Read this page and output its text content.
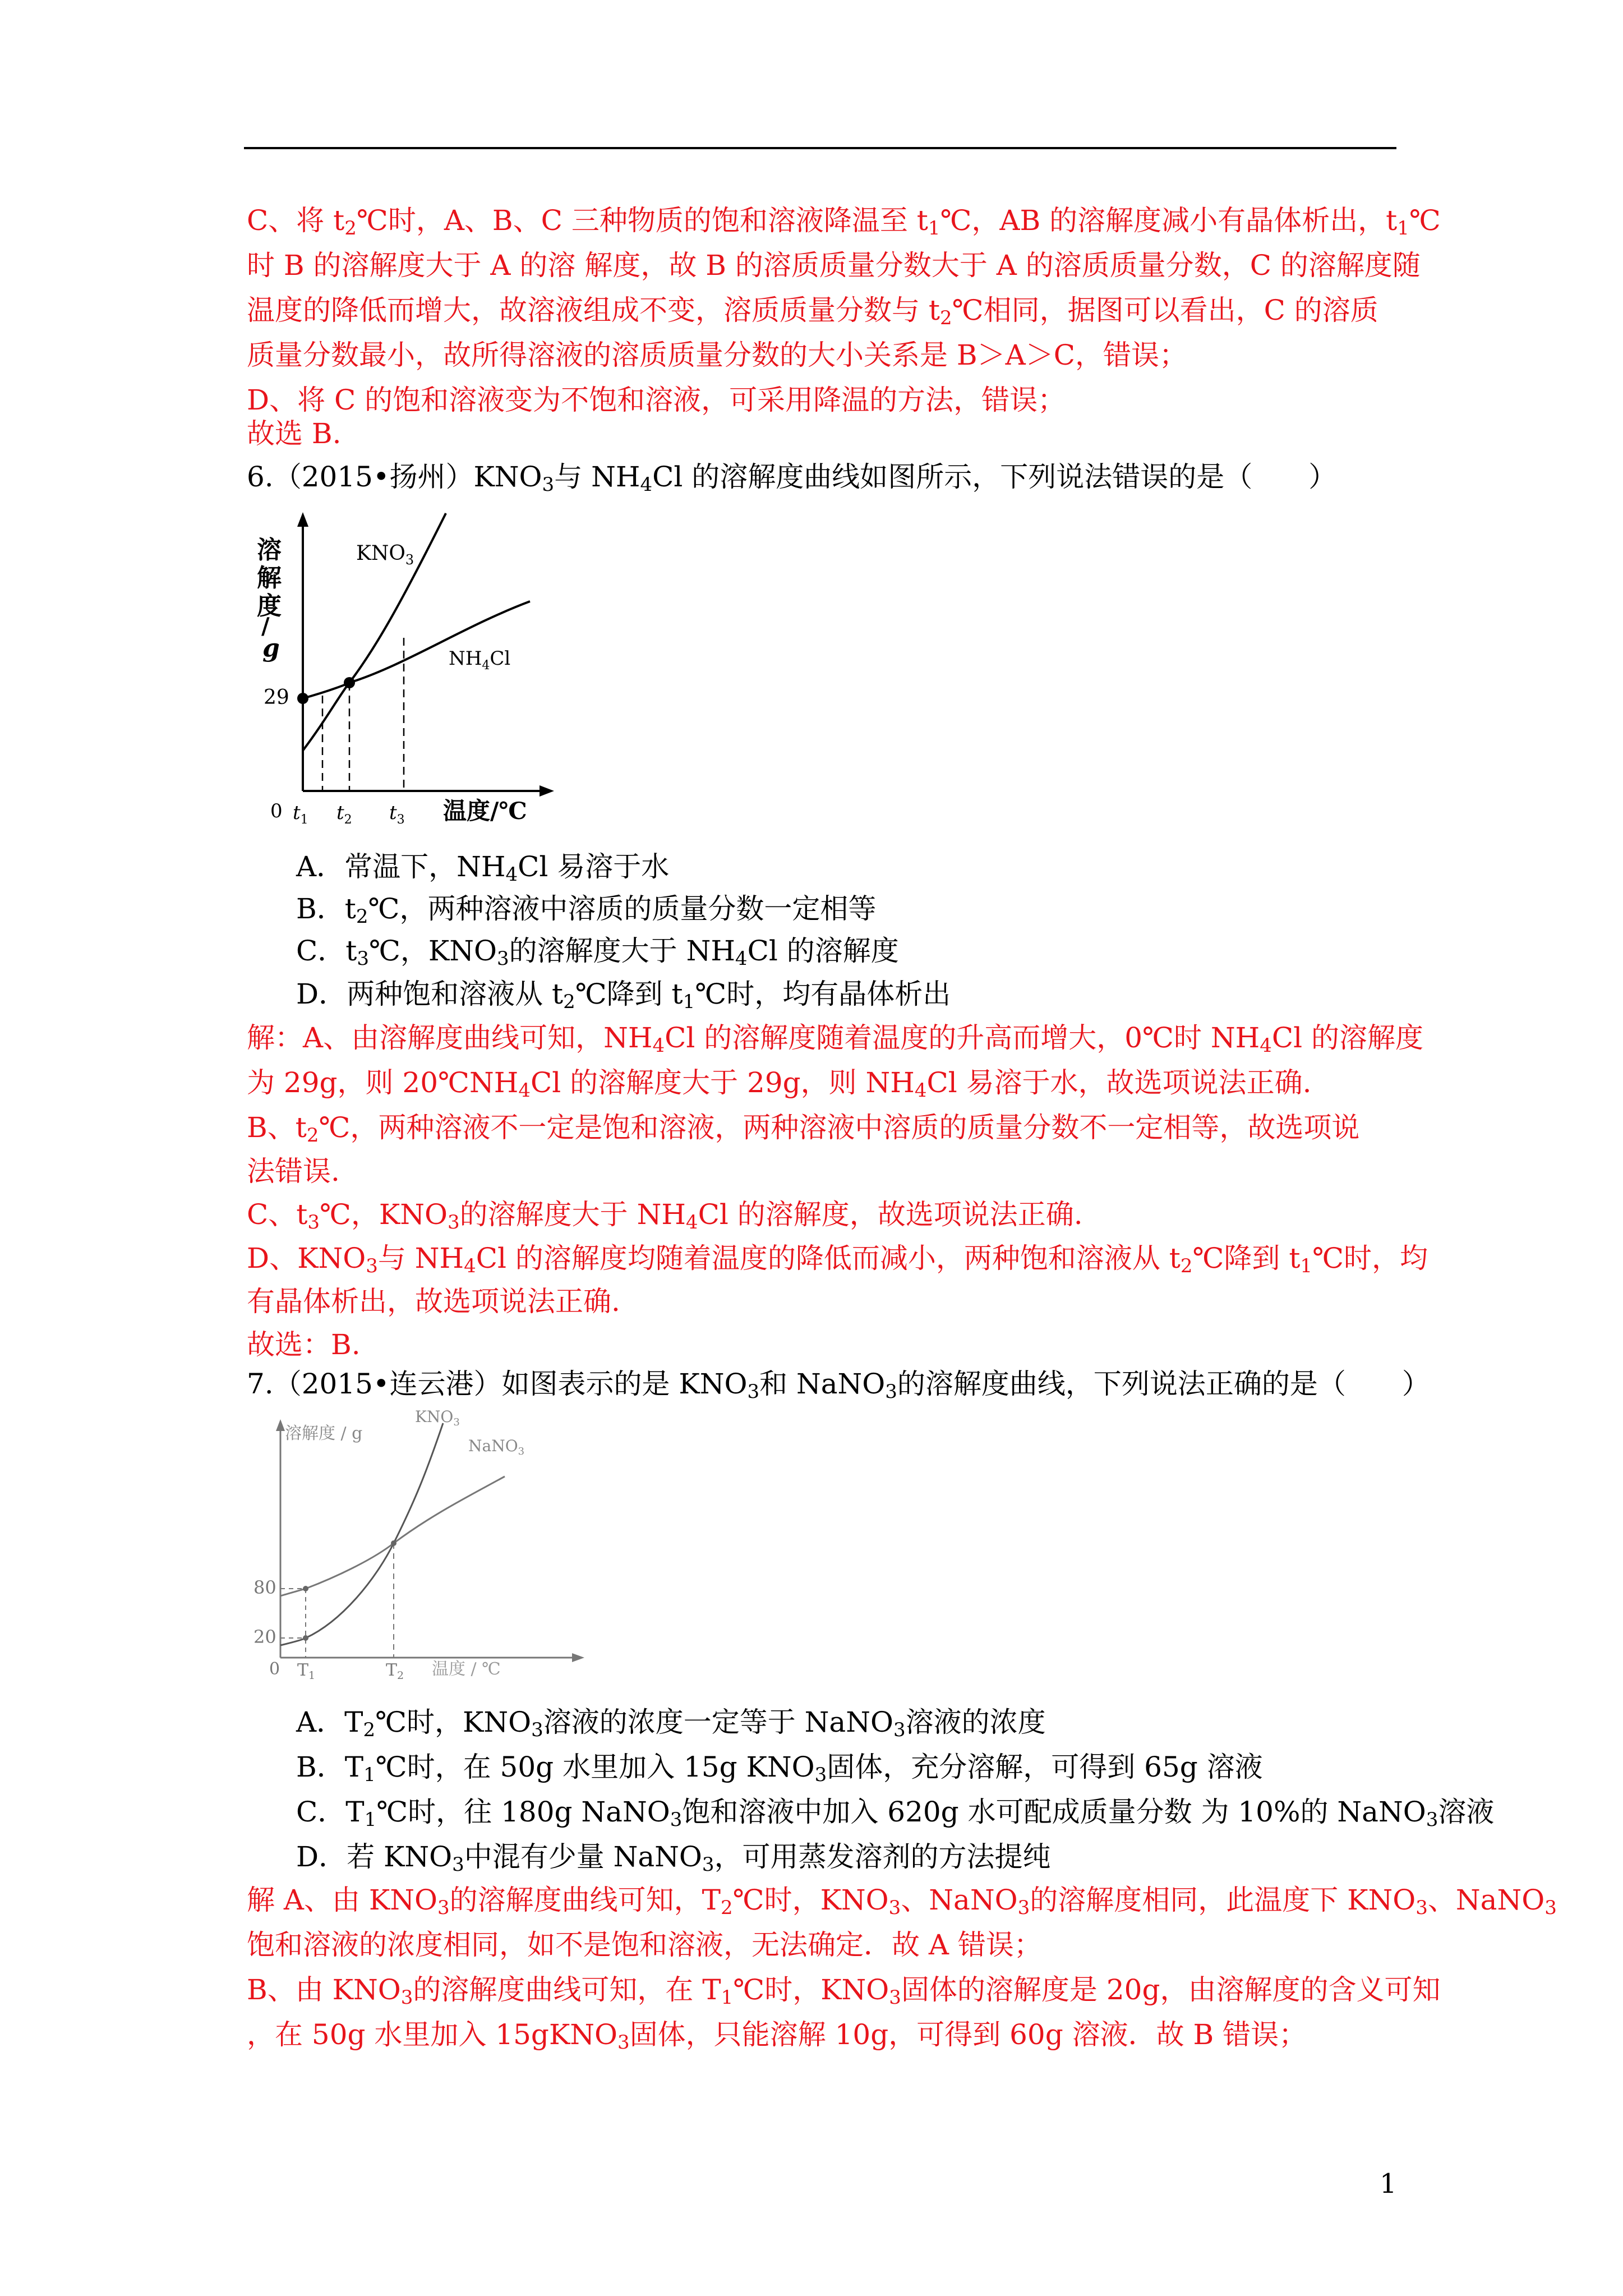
C、将 $t_2℃$时，A、B、C 三种物质的饱和溶液降温至 $t_1℃$，AB 的溶解度减小有晶体析出，$t_1℃$
时 B 的溶解度大于 A 的溶 解度，故 B 的溶质质量分数大于 A 的溶质质量分数，C 的溶解度随
温度的降低而增大，故溶液组成不变，溶质质量分数与 $t_2℃$相同，据图可以看出，C 的溶质
质量分数最小，故所得溶液的溶质质量分数的大小关系是 B＞A＞C，错误；
D、将 C 的饱和溶液变为不饱和溶液，可采用降温的方法，错误；
故选 B.
6.（2015•扬州）$KNO_3$与 $NH_4Cl$ 的溶解度曲线如图所示，下列说法错误的是（　　）
溶
解
度
/
g
29
$KNO_3$
$NH_4Cl$
0 $t_1$ $t_2$ $t_3$ 温度/℃
A．常温下，$NH_4Cl$ 易溶于水
B．$t_2℃$，两种溶液中溶质的质量分数一定相等
C．$t_3℃$，$KNO_3$的溶解度大于 $NH_4Cl$ 的溶解度
D．两种饱和溶液从 $t_2℃$降到 $t_1℃$时，均有晶体析出
解：A、由溶解度曲线可知，$NH_4Cl$ 的溶解度随着温度的升高而增大，0℃时 $NH_4Cl$ 的溶解度
为 29g，则 $20℃NH_4Cl$ 的溶解度大于 29g，则 $NH_4Cl$ 易溶于水，故选项说法正确.
B、$t_2℃$，两种溶液不一定是饱和溶液，两种溶液中溶质的质量分数不一定相等，故选项说
法错误.
C、$t_3℃$，$KNO_3$的溶解度大于 $NH_4Cl$ 的溶解度，故选项说法正确.
D、$KNO_3$与 $NH_4Cl$ 的溶解度均随着温度的降低而减小，两种饱和溶液从 $t_2℃$降到 $t_1℃$时，均
有晶体析出，故选项说法正确.
故选：B.
7.（2015•连云港）如图表示的是 $KNO_3$和 NaNO$_3$的溶解度曲线，下列说法正确的是（　　）
溶解度 / g
$KNO_3$
NaNO$_3$
80
20
0 $T_1$	$T_2$ 温度 / ℃
A．$T_2℃$时，$KNO_3$溶液的浓度一定等于 NaNO$_3$溶液的浓度
B．$T_1℃$时，在 50g 水里加入 15g $KNO_3$固体，充分溶解，可得到 65g 溶液
C．$T_1℃$时，往 180g NaNO$_3$饱和溶液中加入 620g 水可配成质量分数 为 10%的 NaNO$_3$溶液
D．若 $KNO_3$中混有少量 NaNO$_3$，可用蒸发溶剂的方法提纯
解 A、由 $KNO_3$的溶解度曲线可知，$T_2℃$时，$KNO_3$、NaNO$_3$的溶解度相同，此温度下 $KNO_3$、NaNO$_3$
饱和溶液的浓度相同，如不是饱和溶液，无法确定．故 A 错误；
B、由 $KNO_3$的溶解度曲线可知，在 $T_1℃$时，$KNO_3$固体的溶解度是 20g，由溶解度的含义可知
，在 50g 水里加入 15gKNO$_3$固体，只能溶解 10g，可得到 60g 溶液．故 B 错误；
1
